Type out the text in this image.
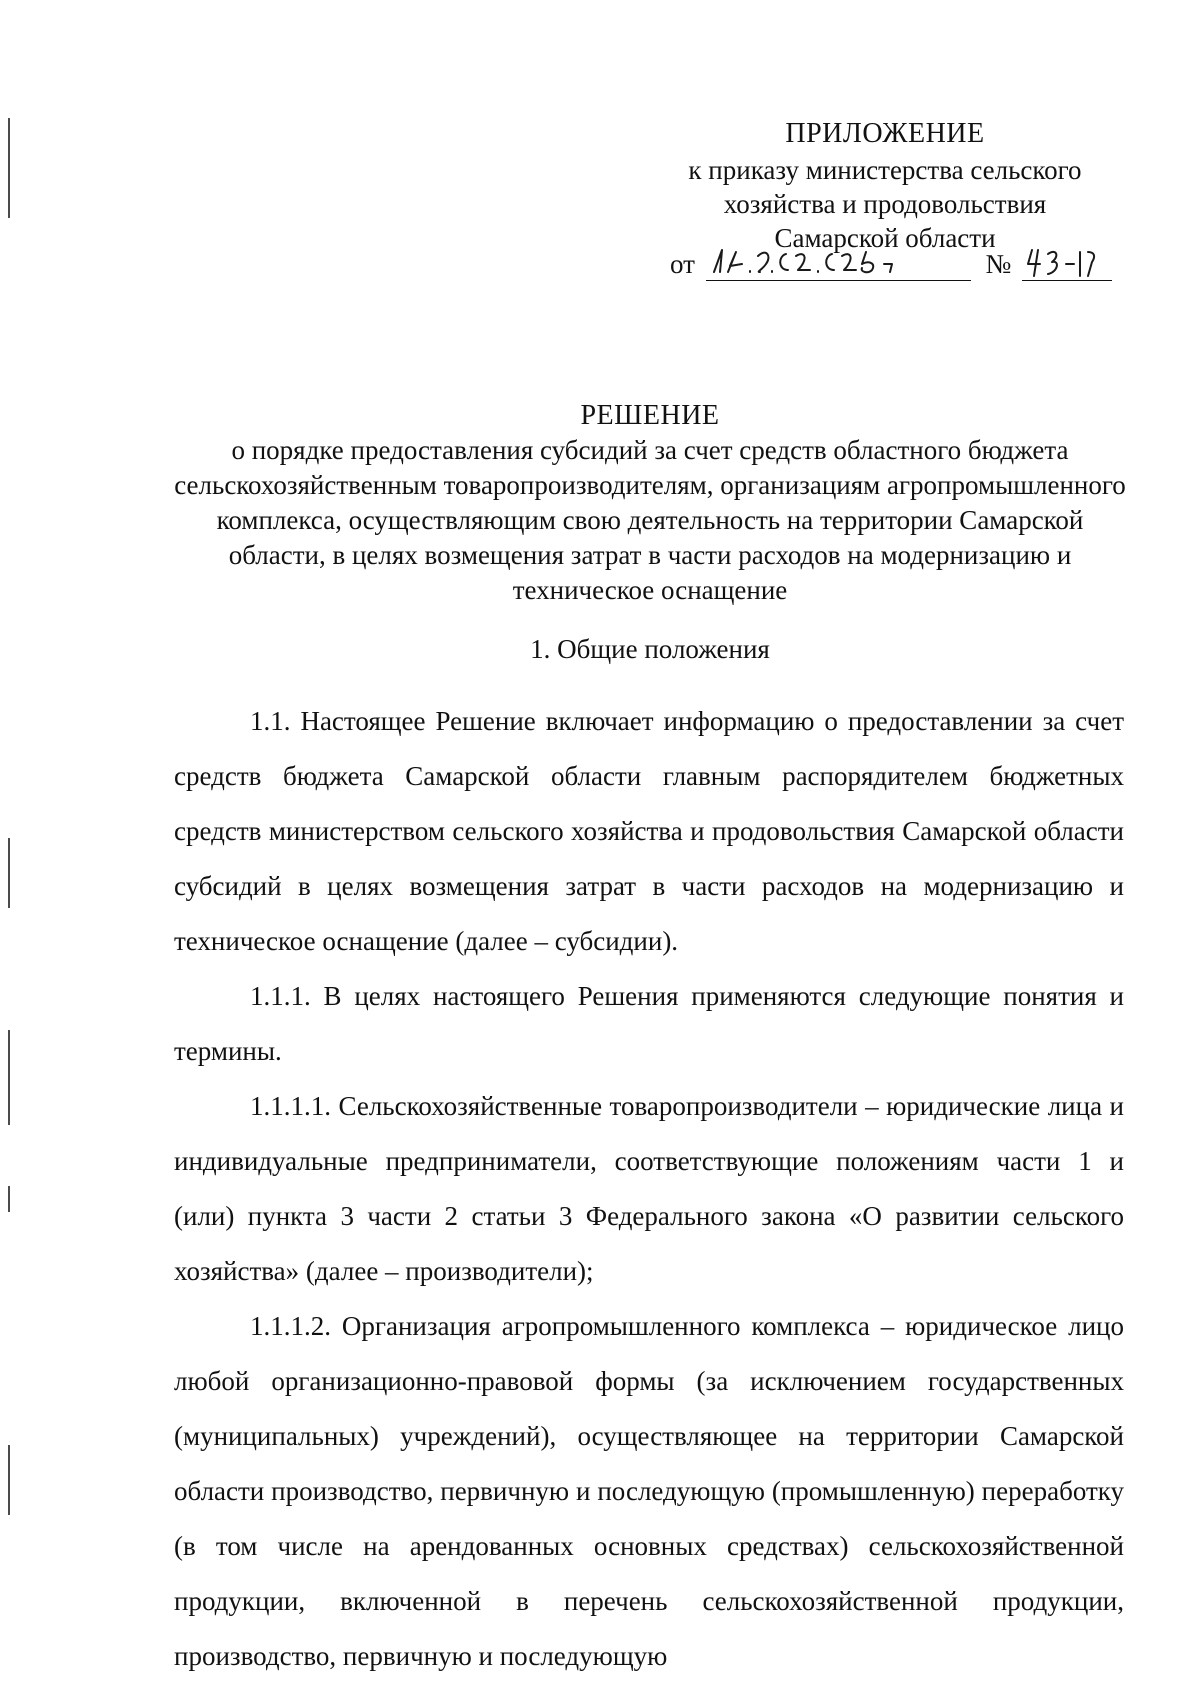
ПРИЛОЖЕНИЕ
к приказу министерства сельского
хозяйства и продовольствия
Самарской области
от	№
РЕШЕНИЕ
о порядке предоставления субсидий за счет средств областного бюджета сельскохозяйственным товаропроизводителям, организациям агропромышленного комплекса, осуществляющим свою деятельность на территории Самарской области, в целях возмещения затрат в части расходов на модернизацию и техническое оснащение
1. Общие положения

1.1. Настоящее Решение включает информацию о предоставлении за счет средств бюджета Самарской области главным распорядителем бюджетных средств министерством сельского хозяйства и продовольствия Самарской области субсидий в целях возмещения затрат в части расходов на модернизацию и техническое оснащение (далее – субсидии).

1.1.1. В целях настоящего Решения применяются следующие понятия и термины.

1.1.1.1. Сельскохозяйственные товаропроизводители – юридические лица и индивидуальные предприниматели, соответствующие положениям части 1 и (или) пункта 3 части 2 статьи 3 Федерального закона «О развитии сельского хозяйства» (далее – производители);

1.1.1.2. Организация агропромышленного комплекса – юридическое лицо любой организационно-правовой формы (за исключением государственных (муниципальных) учреждений), осуществляющее на территории Самарской области производство, первичную и последующую (промышленную) переработку (в том числе на арендованных основных средствах) сельскохозяйственной продукции, включенной в перечень сельскохозяйственной продукции, производство, первичную и последующую
